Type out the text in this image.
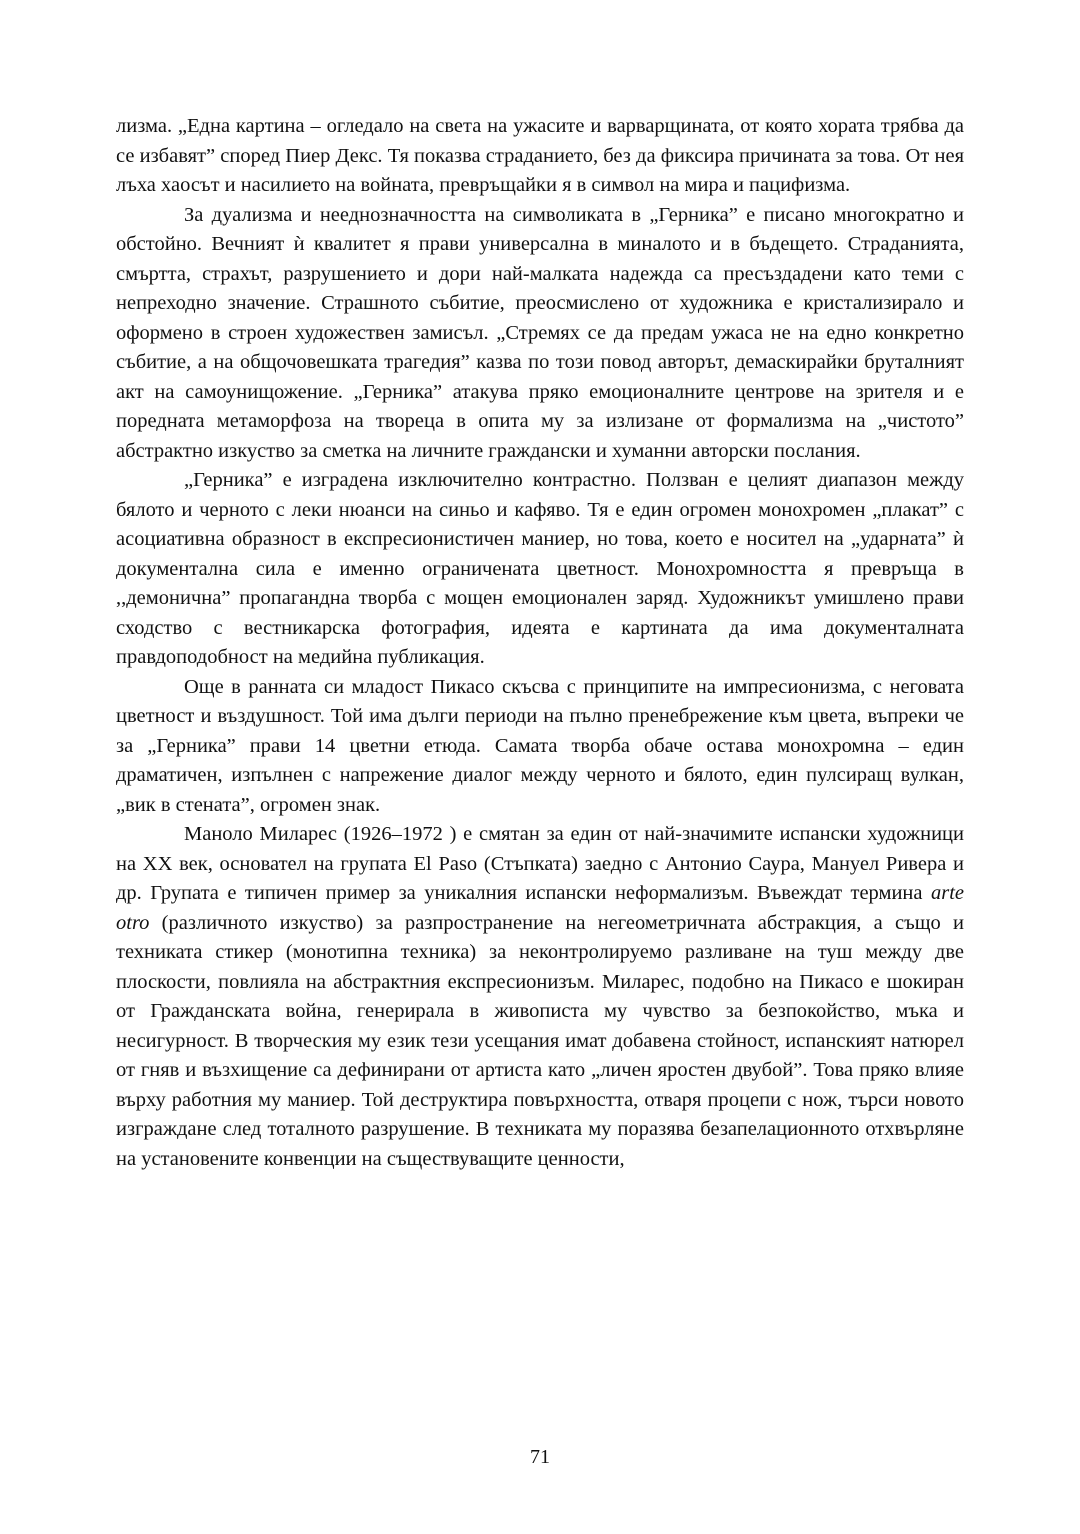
лизма. „Една картина – огледало на света на ужасите и варварщината, от която хората трябва да се избавят” според Пиер Декс. Тя показва страданието, без да фиксира причината за това. От нея лъха хаосът и насилието на войната, превръщайки я в символ на мира и пацифизма.

За дуализма и нееднозначността на символиката в „Герника” е писано многократно и обстойно. Вечният ѝ квалитет я прави универсална в миналото и в бъдещето. Страданията, смъртта, страхът, разрушението и дори най-малката надежда са пресъздадени като теми с непреходно значение. Страшното събитие, преосмислено от художника е кристализирало и оформено в строен художествен замисъл. „Стремях се да предам ужаса не на едно конкретно събитие, а на общочовешката трагедия” казва по този повод авторът, демаскирайки бруталният акт на самоунищожение. „Герника” атакува пряко емоционалните центрове на зрителя и е поредната метаморфоза на твореца в опита му за излизане от формализма на „чистото” абстрактно изкуство за сметка на личните граждански и хуманни авторски послания.

„Герника” е изградена изключително контрастно. Ползван е целият диапазон между бялото и черното с леки нюанси на синьо и кафяво. Тя е един огромен монохромен „плакат” с асоциативна образност в експресионистичен маниер, но това, което е носител на „ударната” ѝ документална сила е именно ограничената цветност. Монохромността я превръща в ,,демонична” пропагандна творба с мощен емоционален заряд. Художникът умишлено прави сходство с вестникарска фотография, идеята е картината да има документалната правдоподобност на медийна публикация.

Още в ранната си младост Пикасо скъсва с принципите на импресионизма, с неговата цветност и въздушност. Той има дълги периоди на пълно пренебрежение към цвета, въпреки че за „Герника” прави 14 цветни етюда. Самата творба обаче остава монохромна – един драматичен, изпълнен с напрежение диалог между черното и бялото, един пулсиращ вулкан, „вик в стената”, огромен знак.

Маноло Миларес (1926–1972 ) е смятан за един от най-значимите испански художници на ХХ век, основател на групата El Paso (Стъпката) заедно с Антонио Саура, Мануел Ривера и др. Групата е типичен пример за уникалния испански неформализъм. Въвеждат термина arte otro (различното изкуство) за разпространение на негеометричната абстракция, а също и техниката стикер (монотипна техника) за неконтролируемо разливане на туш между две плоскости, повлияла на абстрактния експресионизъм. Миларес, подобно на Пикасо е шокиран от Гражданската война, генерирала в живописта му чувство за безпокойство, мъка и несигурност. В творческия му език тези усещания имат добавена стойност, испанският натюрел от гняв и възхищение са дефинирани от артиста като „личен яростен двубой”. Това пряко влияе върху работния му маниер. Той деструктира повърхността, отваря процепи с нож, търси новото изграждане след тоталното разрушение. В техниката му поразява безапелационното отхвърляне на установените конвенции на съществуващите ценности,

71
